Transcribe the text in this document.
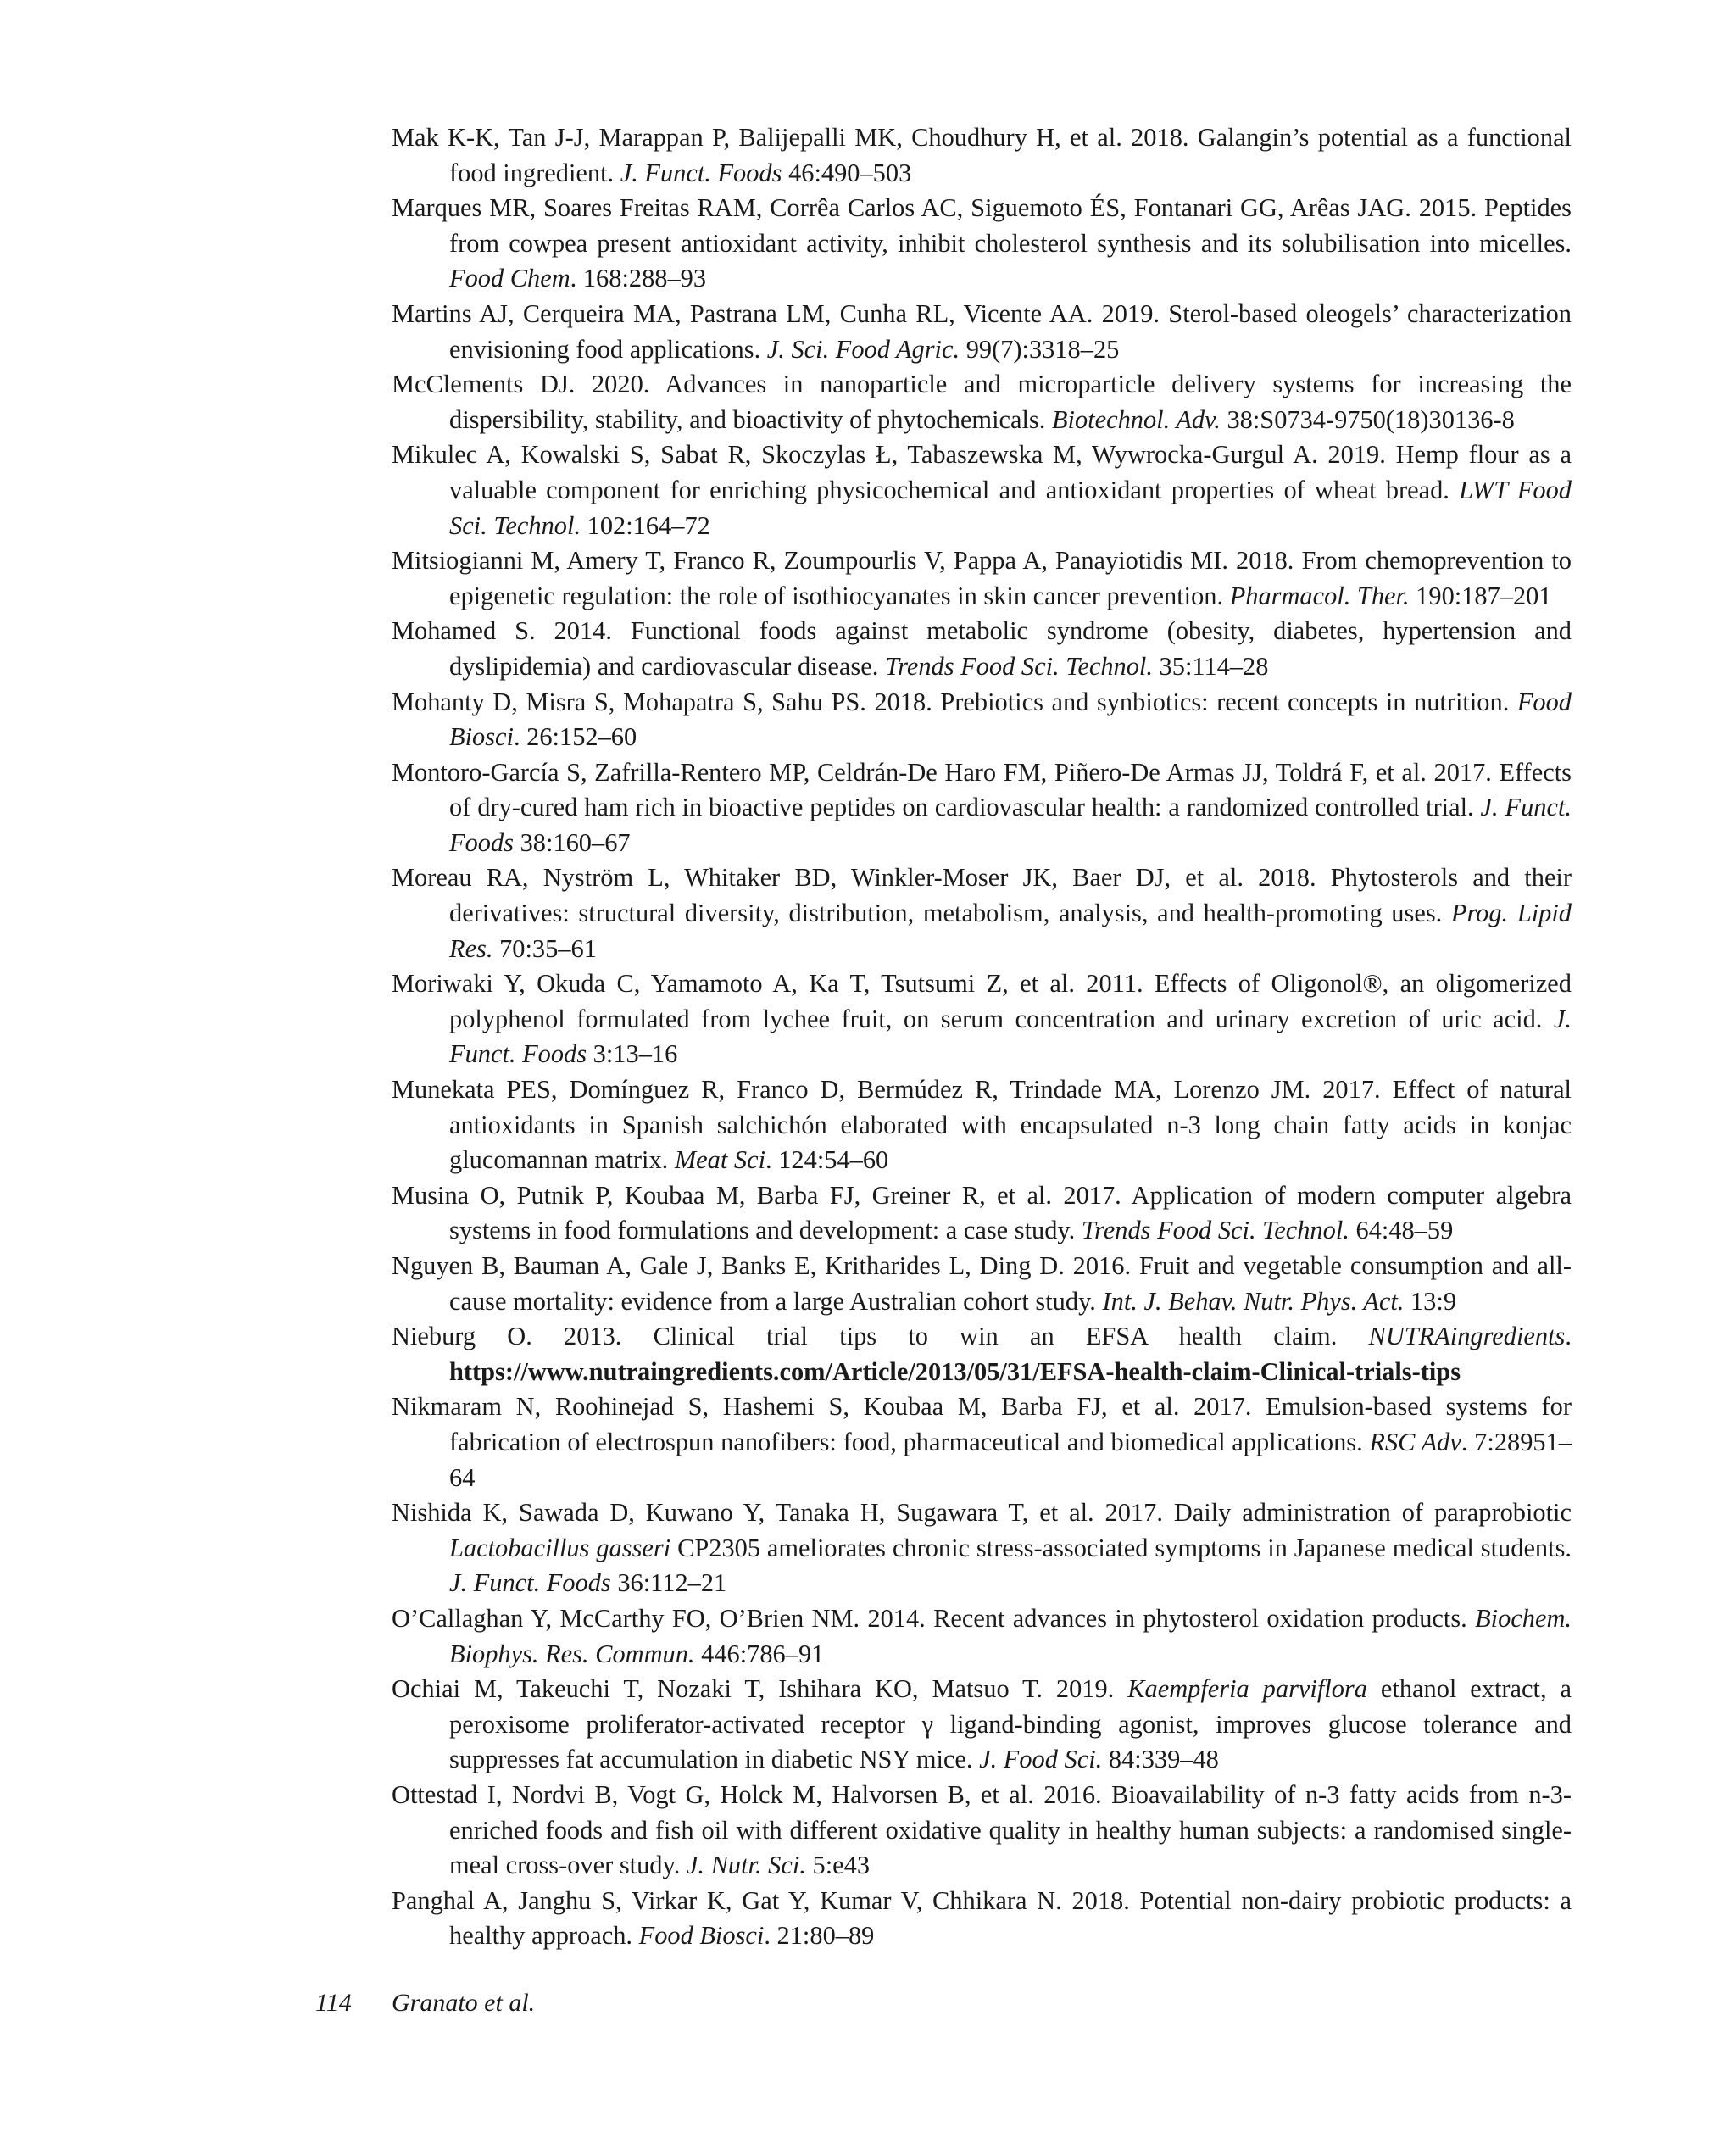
Mak K-K, Tan J-J, Marappan P, Balijepalli MK, Choudhury H, et al. 2018. Galangin’s potential as a functional food ingredient. J. Funct. Foods 46:490–503
Marques MR, Soares Freitas RAM, Corrêa Carlos AC, Siguemoto ÉS, Fontanari GG, Arêas JAG. 2015. Peptides from cowpea present antioxidant activity, inhibit cholesterol synthesis and its solubilisation into micelles. Food Chem. 168:288–93
Martins AJ, Cerqueira MA, Pastrana LM, Cunha RL, Vicente AA. 2019. Sterol-based oleogels’ characterization envisioning food applications. J. Sci. Food Agric. 99(7):3318–25
McClements DJ. 2020. Advances in nanoparticle and microparticle delivery systems for increasing the dispersibility, stability, and bioactivity of phytochemicals. Biotechnol. Adv. 38:S0734-9750(18)30136-8
Mikulec A, Kowalski S, Sabat R, Skoczylas Ł, Tabaszewska M, Wywrocka-Gurgul A. 2019. Hemp flour as a valuable component for enriching physicochemical and antioxidant properties of wheat bread. LWT Food Sci. Technol. 102:164–72
Mitsiogianni M, Amery T, Franco R, Zoumpourlis V, Pappa A, Panayiotidis MI. 2018. From chemoprevention to epigenetic regulation: the role of isothiocyanates in skin cancer prevention. Pharmacol. Ther. 190:187–201
Mohamed S. 2014. Functional foods against metabolic syndrome (obesity, diabetes, hypertension and dyslipidemia) and cardiovascular disease. Trends Food Sci. Technol. 35:114–28
Mohanty D, Misra S, Mohapatra S, Sahu PS. 2018. Prebiotics and synbiotics: recent concepts in nutrition. Food Biosci. 26:152–60
Montoro-García S, Zafrilla-Rentero MP, Celdrán-De Haro FM, Piñero-De Armas JJ, Toldrá F, et al. 2017. Effects of dry-cured ham rich in bioactive peptides on cardiovascular health: a randomized controlled trial. J. Funct. Foods 38:160–67
Moreau RA, Nyström L, Whitaker BD, Winkler-Moser JK, Baer DJ, et al. 2018. Phytosterols and their derivatives: structural diversity, distribution, metabolism, analysis, and health-promoting uses. Prog. Lipid Res. 70:35–61
Moriwaki Y, Okuda C, Yamamoto A, Ka T, Tsutsumi Z, et al. 2011. Effects of Oligonol®, an oligomerized polyphenol formulated from lychee fruit, on serum concentration and urinary excretion of uric acid. J. Funct. Foods 3:13–16
Munekata PES, Domínguez R, Franco D, Bermúdez R, Trindade MA, Lorenzo JM. 2017. Effect of natural antioxidants in Spanish salchichón elaborated with encapsulated n-3 long chain fatty acids in konjac glucomannan matrix. Meat Sci. 124:54–60
Musina O, Putnik P, Koubaa M, Barba FJ, Greiner R, et al. 2017. Application of modern computer algebra systems in food formulations and development: a case study. Trends Food Sci. Technol. 64:48–59
Nguyen B, Bauman A, Gale J, Banks E, Kritharides L, Ding D. 2016. Fruit and vegetable consumption and all-cause mortality: evidence from a large Australian cohort study. Int. J. Behav. Nutr. Phys. Act. 13:9
Nieburg O. 2013. Clinical trial tips to win an EFSA health claim. NUTRAingredients. https://www.nutraingredients.com/Article/2013/05/31/EFSA-health-claim-Clinical-trials-tips
Nikmaram N, Roohinejad S, Hashemi S, Koubaa M, Barba FJ, et al. 2017. Emulsion-based systems for fabrication of electrospun nanofibers: food, pharmaceutical and biomedical applications. RSC Adv. 7:28951–64
Nishida K, Sawada D, Kuwano Y, Tanaka H, Sugawara T, et al. 2017. Daily administration of paraprobiotic Lactobacillus gasseri CP2305 ameliorates chronic stress-associated symptoms in Japanese medical students. J. Funct. Foods 36:112–21
O’Callaghan Y, McCarthy FO, O’Brien NM. 2014. Recent advances in phytosterol oxidation products. Biochem. Biophys. Res. Commun. 446:786–91
Ochiai M, Takeuchi T, Nozaki T, Ishihara KO, Matsuo T. 2019. Kaempferia parviflora ethanol extract, a peroxisome proliferator-activated receptor γ ligand-binding agonist, improves glucose tolerance and suppresses fat accumulation in diabetic NSY mice. J. Food Sci. 84:339–48
Ottestad I, Nordvi B, Vogt G, Holck M, Halvorsen B, et al. 2016. Bioavailability of n-3 fatty acids from n-3-enriched foods and fish oil with different oxidative quality in healthy human subjects: a randomised single-meal cross-over study. J. Nutr. Sci. 5:e43
Panghal A, Janghu S, Virkar K, Gat Y, Kumar V, Chhikara N. 2018. Potential non-dairy probiotic products: a healthy approach. Food Biosci. 21:80–89
114 Granato et al.
